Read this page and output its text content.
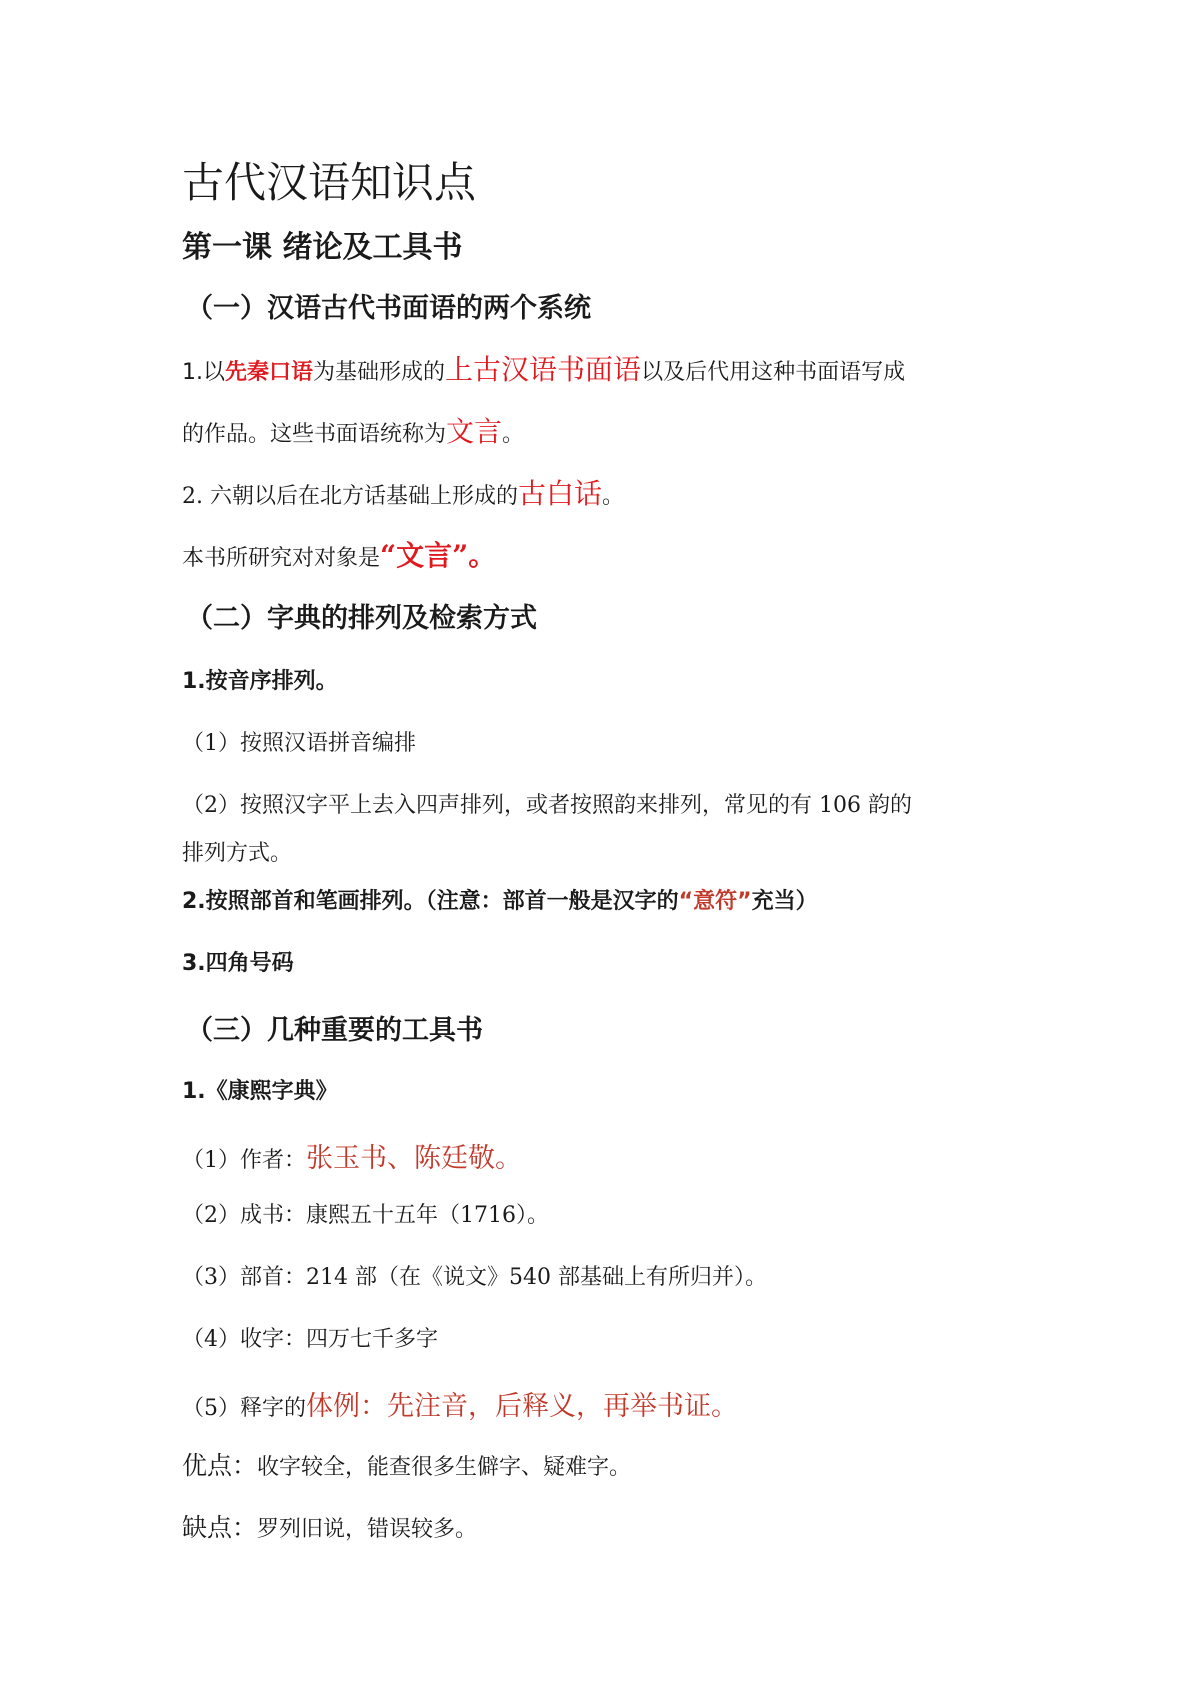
古代汉语知识点
第一课 绪论及工具书
（一）汉语古代书面语的两个系统
1.以先秦口语为基础形成的上古汉语书面语以及后代用这种书面语写成
的作品。这些书面语统称为文言。
2. 六朝以后在北方话基础上形成的古白话。
本书所研究对对象是“文言”。
（二）字典的排列及检索方式
1.按音序排列。
（1）按照汉语拼音编排
（2）按照汉字平上去入四声排列，或者按照韵来排列，常见的有 106 韵的
排列方式。
2.按照部首和笔画排列。（注意：部首一般是汉字的“意符”充当）
3.四角号码
（三）几种重要的工具书
1.《康熙字典》
（1）作者：张玉书、陈廷敬。
（2）成书：康熙五十五年（1716）。
（3）部首：214 部（在《说文》540 部基础上有所归并）。
（4）收字：四万七千多字
（5）释字的体例：先注音，后释义，再举书证。
优点：收字较全，能查很多生僻字、疑难字。
缺点：罗列旧说，错误较多。
